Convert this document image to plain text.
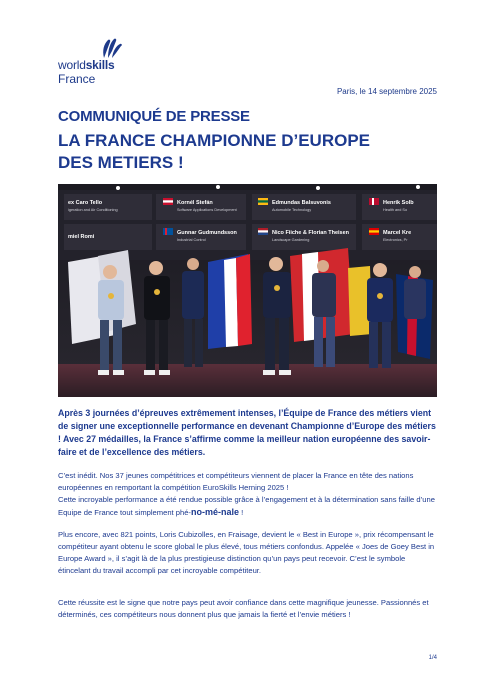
worldskills
France
Paris, le 14 septembre 2025
COMMUNIQUÉ DE PRESSE
LA FRANCE CHAMPIONNE D’EUROPE
DES METIERS !
ex Caro Tello
igeration and Air Conditioning
Kornél Stefán
Software Applications Development
Edmundas Balsuvonis
Automobile Technology
Henrik Solb
Health and So
Gunnar Gudmundsson
Industrial Control
Nico Fiiche & Florian Theisen
Landscape Gardening
Marcel Kre
Electronics, Pr
miel Romi
Après 3 journées d’épreuves extrêmement intenses, l’Équipe de France des métiers vient de signer une exceptionnelle performance en devenant Championne d’Europe des métiers ! Avec 27 médailles, la France s’affirme comme la meilleur nation européenne des savoir-faire et de l’excellence des métiers.
C’est inédit. Nos 37 jeunes compétitrices et compétiteurs viennent de placer la France en tête des nations européennes en remportant la compétition EuroSkills Herning 2025 !
Cette incroyable performance a été rendue possible grâce à l’engagement et à la détermination sans faille d’une Equipe de France tout simplement phé-no-mé-nale !
Plus encore, avec 821 points, Loris Cubizolles, en Fraisage, devient le « Best in Europe », prix récompensant le compétiteur ayant obtenu le score global le plus élevé, tous métiers confondus. Appelée « Joes de Goey Best in Europe Award », il s’agit là de la plus prestigieuse distinction qu’un pays peut recevoir. C’est le symbole étincelant du travail accompli par cet incroyable compétiteur.
Cette réussite est le signe que notre pays peut avoir confiance dans cette magnifique jeunesse. Passionnés et déterminés, ces compétiteurs nous donnent plus que jamais la fierté et l’envie métiers !
1/4
